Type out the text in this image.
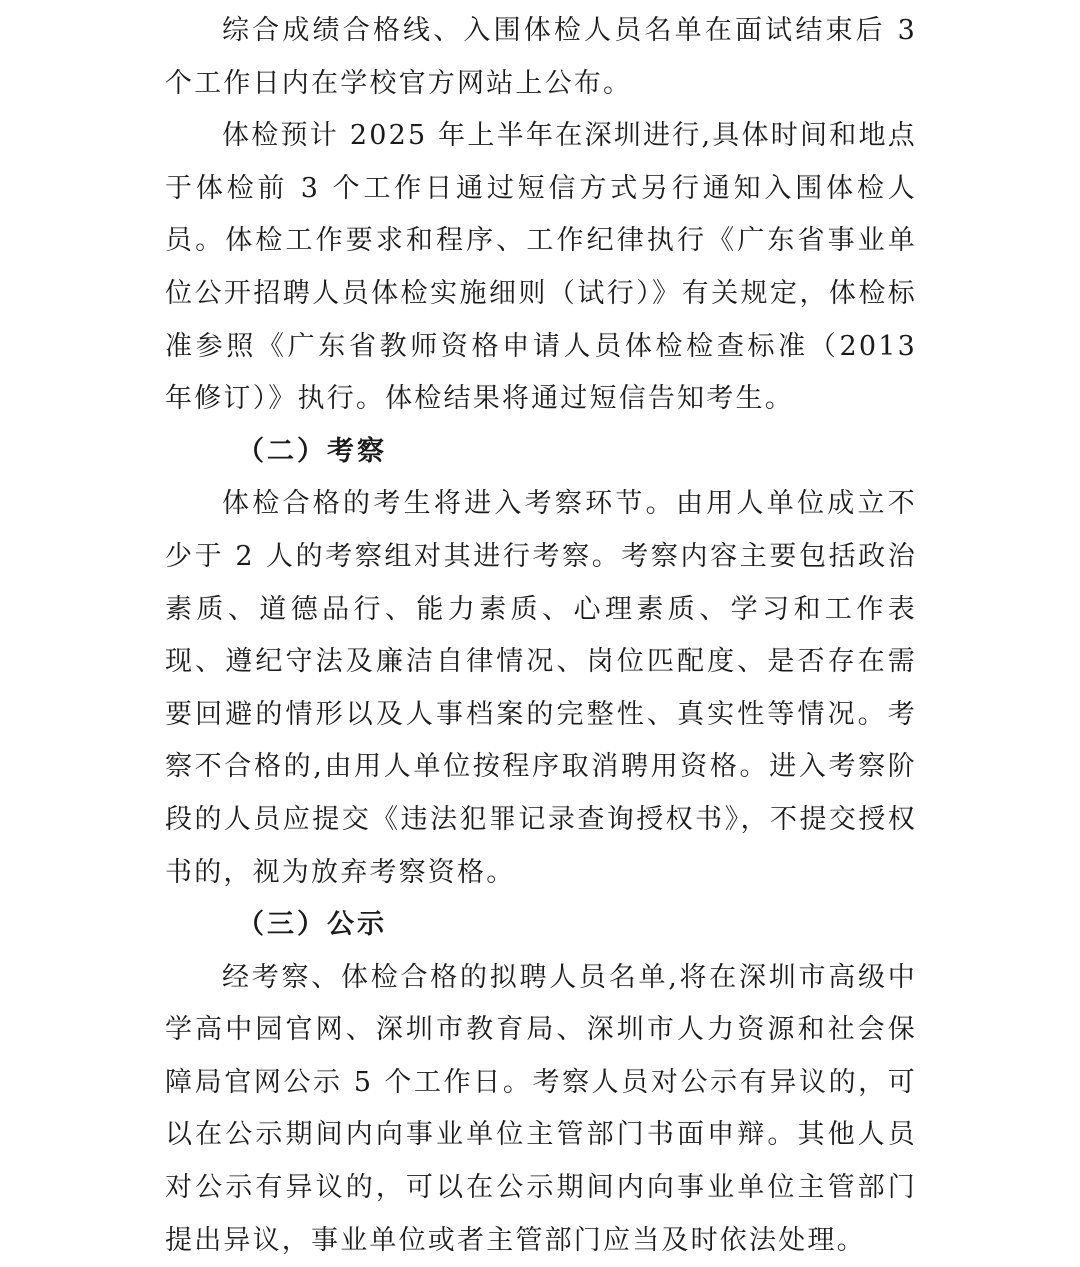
综合成绩合格线、入围体检人员名单在面试结束后 3 个工作日内在学校官方网站上公布。

体检预计 2025 年上半年在深圳进行,具体时间和地点于体检前 3 个工作日通过短信方式另行通知入围体检人员。体检工作要求和程序、工作纪律执行《广东省事业单位公开招聘人员体检实施细则（试行）》有关规定，体检标准参照《广东省教师资格申请人员体检检查标准（2013 年修订）》执行。体检结果将通过短信告知考生。

（二）考察

体检合格的考生将进入考察环节。由用人单位成立不少于 2 人的考察组对其进行考察。考察内容主要包括政治素质、道德品行、能力素质、心理素质、学习和工作表现、遵纪守法及廉洁自律情况、岗位匹配度、是否存在需要回避的情形以及人事档案的完整性、真实性等情况。考察不合格的,由用人单位按程序取消聘用资格。进入考察阶段的人员应提交《违法犯罪记录查询授权书》，不提交授权书的，视为放弃考察资格。

（三）公示

经考察、体检合格的拟聘人员名单,将在深圳市高级中学高中园官网、深圳市教育局、深圳市人力资源和社会保障局官网公示 5 个工作日。考察人员对公示有异议的，可以在公示期间内向事业单位主管部门书面申辩。其他人员对公示有异议的，可以在公示期间内向事业单位主管部门提出异议，事业单位或者主管部门应当及时依法处理。
